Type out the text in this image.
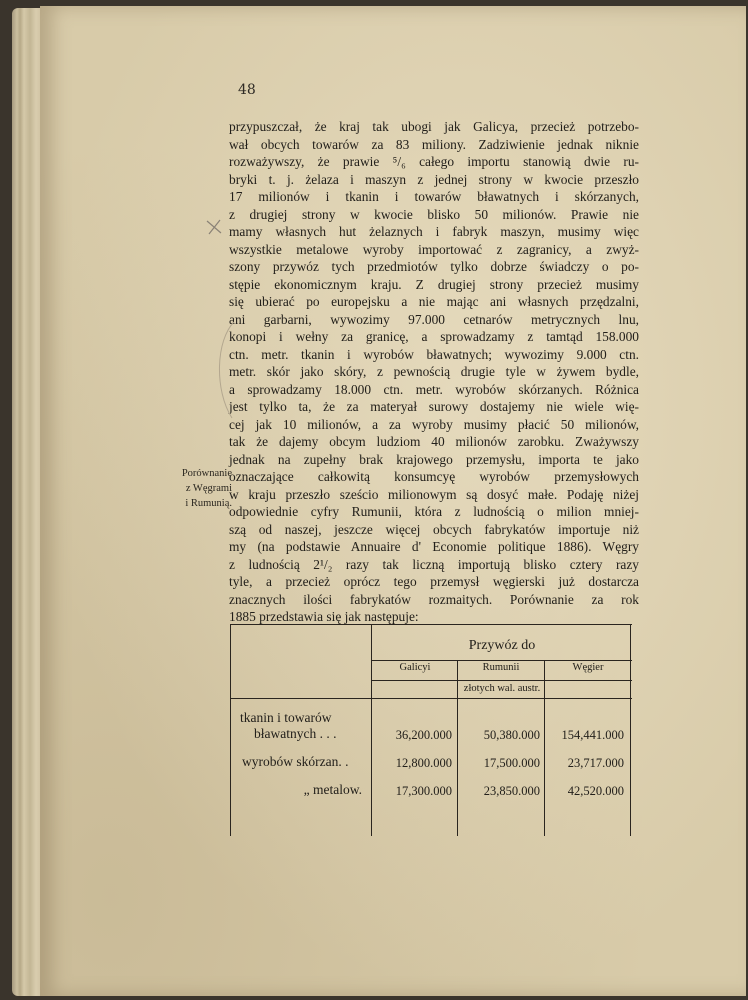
48

przypuszczał, że kraj tak ubogi jak Galicya, przecież potrzebo-
wał obcych towarów za 83 miliony. Zadziwienie jednak niknie
rozważywszy, że prawie ⁵/₆ całego importu stanowią dwie ru-
bryki t. j. żelaza i maszyn z jednej strony w kwocie przeszło
17 milionów i tkanin i towarów bławatnych i skórzanych,
z drugiej strony w kwocie blisko 50 milionów. Prawie nie
mamy własnych hut żelaznych i fabryk maszyn, musimy więc
wszystkie metalowe wyroby importować z zagranicy, a zwyż-
szony przywóz tych przedmiotów tylko dobrze świadczy o po-
stępie ekonomicznym kraju. Z drugiej strony przecież musimy
się ubierać po europejsku a nie mając ani własnych przędzalni,
ani garbarni, wywozimy 97.000 cetnarów metrycznych lnu,
konopi i wełny za granicę, a sprowadzamy z tamtąd 158.000
ctn. metr. tkanin i wyrobów bławatnych; wywozimy 9.000 ctn.
metr. skór jako skóry, z pewnością drugie tyle w żywem bydle,
a sprowadzamy 18.000 ctn. metr. wyrobów skórzanych. Różnica
jest tylko ta, że za materyał surowy dostajemy nie wiele wię-
cej jak 10 milionów, a za wyroby musimy płacić 50 milionów,
tak że dajemy obcym ludziom 40 milionów zarobku. Zważywszy
jednak na zupełny brak krajowego przemysłu, importa te jako
oznaczające całkowitą konsumcyę wyrobów przemysłowych
w kraju przeszło sześcio milionowym są dosyć małe. Podaję niżej
odpowiednie cyfry Rumunii, która z ludnością o milion mniej-
szą od naszej, jeszcze więcej obcych fabrykatów importuje niż
my (na podstawie Annuaire d' Economie politique 1886). Węgry
z ludnością 2¹/₂ razy tak liczną importują blisko cztery razy
tyle, a przecież oprócz tego przemysł węgierski już dostarcza
znacznych ilości fabrykatów rozmaitych. Porównanie za rok
1885 przedstawia się jak następuje:
Porównanie
z Węgrami
i Rumunią.

Przywóz do

Galicyi	Rumunii	Węgier

złotych wal. austr.

tkanin i towarów
bławatnych . . .	36,200.000	50,380.000	154,441.000

wyrobów skórzan. .	12,800.000	17,500.000	23,717.000

„ metalow.	17,300.000	23,850.000	42,520.000
